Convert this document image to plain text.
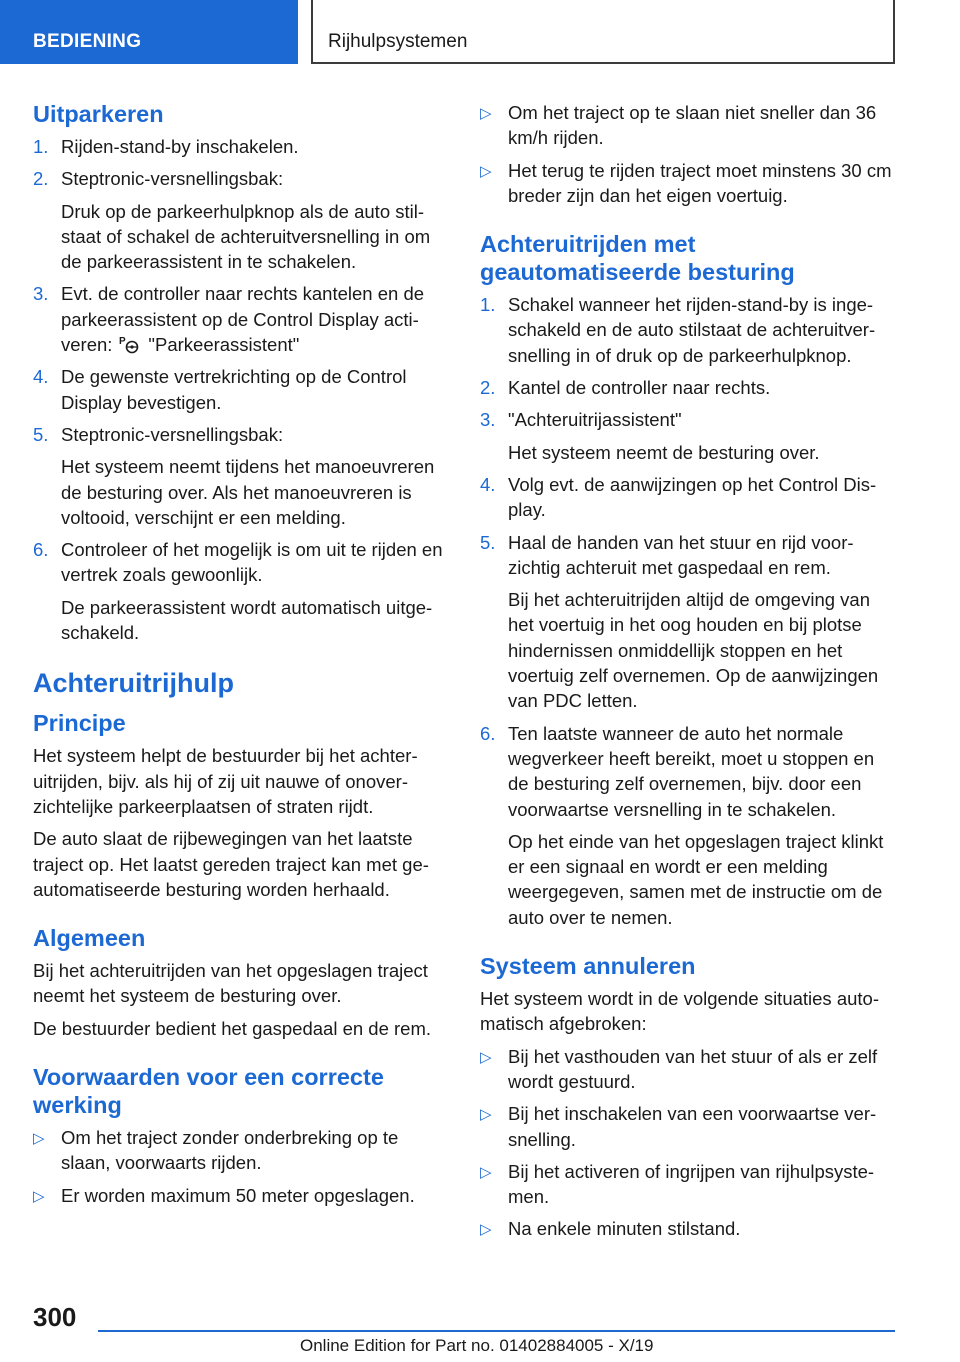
BEDIENING	Rijhulpsystemen
Uitparkeren
1. Rijden-stand-by inschakelen.

2. Steptronic-versnellingsbak:

Druk op de parkeerhulpknop als de auto stilstaat of schakel de achteruitversnelling in om de parkeerassistent in te schakelen.

3. Evt. de controller naar rechts kantelen en de parkeerassistent op de Control Display activeren: P "Parkeerassistent"

4. De gewenste vertrekrichting op de Control Display bevestigen.

5. Steptronic-versnellingsbak:

Het systeem neemt tijdens het manoeuvreren de besturing over. Als het manoeuvreren is voltooid, verschijnt er een melding.

6. Controleer of het mogelijk is om uit te rijden en vertrek zoals gewoonlijk.

De parkeerassistent wordt automatisch uitgeschakeld.

Achteruitrijhulp
Principe

Het systeem helpt de bestuurder bij het achteruitrijden, bijv. als hij of zij uit nauwe of onoverzichtelijke parkeerplaatsen of straten rijdt.

De auto slaat de rijbewegingen van het laatste traject op. Het laatst gereden traject kan met geautomatiseerde besturing worden herhaald.

Algemeen

Bij het achteruitrijden van het opgeslagen traject neemt het systeem de besturing over.

De bestuurder bedient het gaspedaal en de rem.

Voorwaarden voor een correcte werking
▷ Om het traject zonder onderbreking op te slaan, voorwaarts rijden.
▷ Er worden maximum 50 meter opgeslagen.
▷ Om het traject op te slaan niet sneller dan 36 km/h rijden.
▷ Het terug te rijden traject moet minstens 30 cm breder zijn dan het eigen voertuig.
Achteruitrijden met geautomatiseerde besturing
1. Schakel wanneer het rijden-stand-by is ingeschakeld en de auto stilstaat de achteruitversnelling in of druk op de parkeerhulpknop.

2. Kantel de controller naar rechts.

3. "Achteruitrijassistent"

Het systeem neemt de besturing over.

4. Volg evt. de aanwijzingen op het Control Display.

5. Haal de handen van het stuur en rijd voorzichtig achteruit met gaspedaal en rem.

Bij het achteruitrijden altijd de omgeving van het voertuig in het oog houden en bij plotse hindernissen onmiddellijk stoppen en het voertuig zelf overnemen. Op de aanwijzingen van PDC letten.

6. Ten laatste wanneer de auto het normale wegverkeer heeft bereikt, moet u stoppen en de besturing zelf overnemen, bijv. door een voorwaartse versnelling in te schakelen.

Op het einde van het opgeslagen traject klinkt er een signaal en wordt er een melding weergegeven, samen met de instructie om de auto over te nemen.

Systeem annuleren

Het systeem wordt in de volgende situaties automatisch afgebroken:

▷ Bij het vasthouden van het stuur of als er zelf wordt gestuurd.
▷ Bij het inschakelen van een voorwaartse versnelling.
▷ Bij het activeren of ingrijpen van rijhulpsystemen.
▷ Na enkele minuten stilstand.
300
Online Edition for Part no. 01402884005 - X/19
